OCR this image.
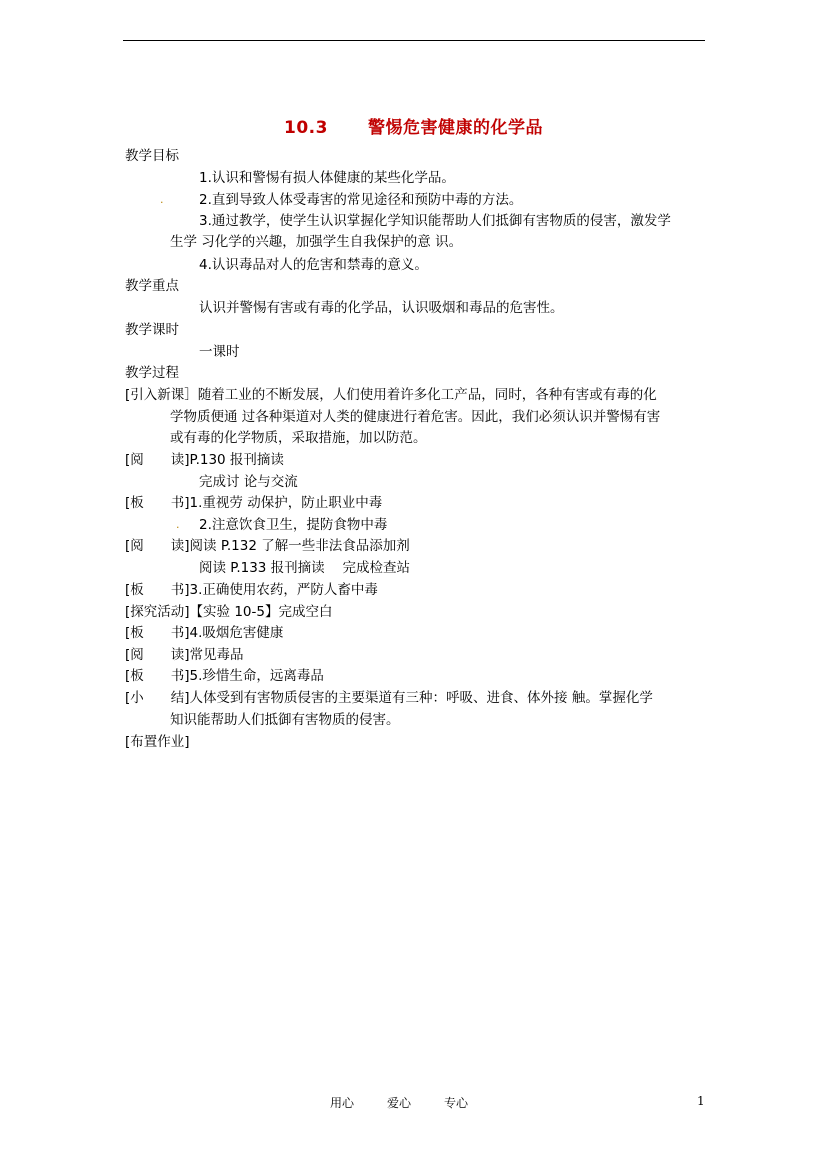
10.3 警惕危害健康的化学品
教学目标
1.认识和警惕有损人体健康的某些化学品。
.	2.直到导致人体受毒害的常见途径和预防中毒的方法。
3.通过教学，使学生认识掌握化学知识能帮助人们抵御有害物质的侵害，激发学
生学 习化学的兴趣，加强学生自我保护的意 识。
4.认识毒品对人的危害和禁毒的意义。
教学重点
认识并警惕有害或有毒的化学品，认识吸烟和毒品的危害性。
教学课时
一课时
教学过程
[引入新课］随着工业的不断发展，人们使用着许多化工产品，同时，各种有害或有毒的化
学物质便通 过各种渠道对人类的健康进行着危害。因此，我们必须认识并警惕有害
或有毒的化学物质，采取措施，加以防范。
[阅　　读]P.130 报刊摘读
完成讨 论与交流
[板　　书]1.重视劳 动保护，防止职业中毒
. 2.注意饮食卫生，提防食物中毒
[阅　　读]阅读 P.132 了解一些非法食品添加剂
阅读 P.133 报刊摘读　 完成检查站
[板　　书]3.正确使用农药，严防人畜中毒
[探究活动]【实验 10-5】完成空白
[板　　书]4.吸烟危害健康
[阅　　读]常见毒品
[板　　书]5.珍惜生命，远离毒品
[小　　结]人体受到有害物质侵害的主要渠道有三种：呼吸、进食、体外接 触。掌握化学
知识能帮助人们抵御有害物质的侵害。
[布置作业]
用心	爱心	专心	1
